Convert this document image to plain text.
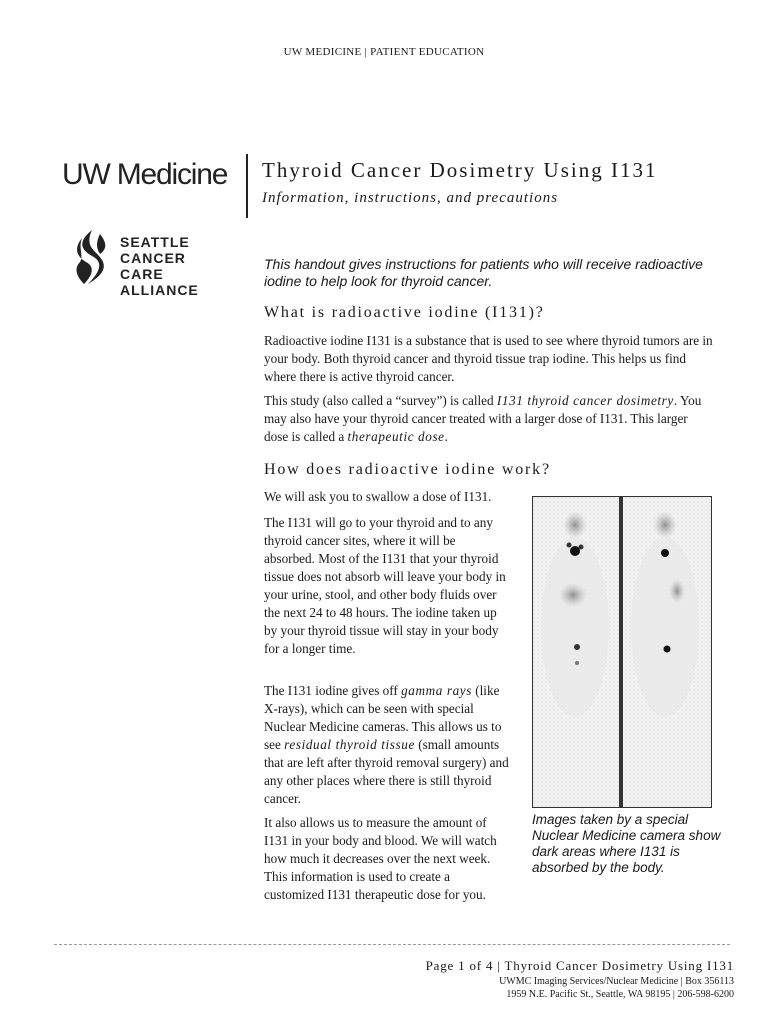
UW MEDICINE | PATIENT EDUCATION
UW Medicine Thyroid Cancer Dosimetry Using I131
Information, instructions, and precautions
SEATTLE
CANCER CARE
ALLIANCE
This handout gives instructions for patients who will receive radioactive iodine to help look for thyroid cancer.
What is radioactive iodine (I131)?

Radioactive iodine I131 is a substance that is used to see where thyroid tumors are in your body. Both thyroid cancer and thyroid tissue trap iodine. This helps us find where there is active thyroid cancer.

This study (also called a “survey”) is called I131 thyroid cancer dosimetry. You may also have your thyroid cancer treated with a larger dose of I131. This larger dose is called a therapeutic dose.

How does radioactive iodine work?

We will ask you to swallow a dose of I131.

The I131 will go to your thyroid and to any thyroid cancer sites, where it will be absorbed. Most of the I131 that your thyroid tissue does not absorb will leave your body in your urine, stool, and other body fluids over the next 24 to 48 hours. The iodine taken up by your thyroid tissue will stay in your body for a longer time.

The I131 iodine gives off gamma rays (like X-rays), which can be seen with special Nuclear Medicine cameras. This allows us to see residual thyroid tissue (small amounts that are left after thyroid removal surgery) and any other places where there is still thyroid cancer.

It also allows us to measure the amount of I131 in your body and blood. We will watch how much it decreases over the next week. This information is used to create a customized I131 therapeutic dose for you.

Images taken by a special Nuclear Medicine camera show dark areas where I131 is absorbed by the body.
Page 1 of 4 | Thyroid Cancer Dosimetry Using I131
UWMC Imaging Services/Nuclear Medicine | Box 356113
1959 N.E. Pacific St., Seattle, WA 98195 | 206-598-6200
